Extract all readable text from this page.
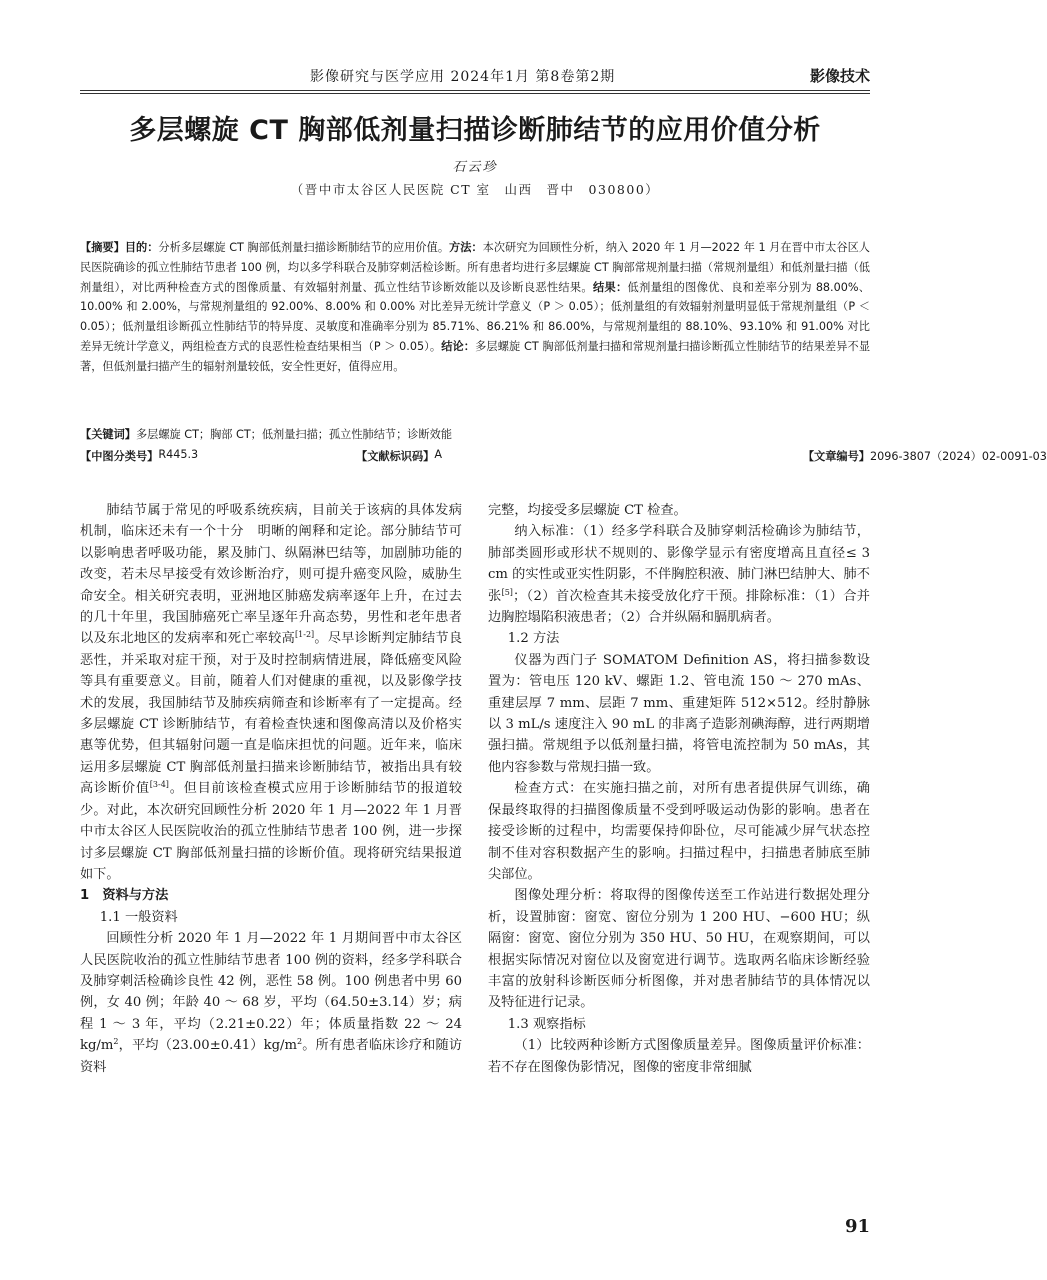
影像研究与医学应用 2024年1月 第8卷第2期	影像技术
多层螺旋 CT 胸部低剂量扫描诊断肺结节的应用价值分析
石云珍
（晋中市太谷区人民医院 CT 室　山西　晋中　030800）
【摘要】目的：分析多层螺旋 CT 胸部低剂量扫描诊断肺结节的应用价值。方法：本次研究为回顾性分析，纳入 2020 年 1 月—2022 年 1 月在晋中市太谷区人民医院确诊的孤立性肺结节患者 100 例，均以多学科联合及肺穿刺活检诊断。所有患者均进行多层螺旋 CT 胸部常规剂量扫描（常规剂量组）和低剂量扫描（低剂量组），对比两种检查方式的图像质量、有效辐射剂量、孤立性结节诊断效能以及诊断良恶性结果。结果：低剂量组的图像优、良和差率分别为 88.00%、10.00% 和 2.00%，与常规剂量组的 92.00%、8.00% 和 0.00% 对比差异无统计学意义（P ＞ 0.05）；低剂量组的有效辐射剂量明显低于常规剂量组（P ＜ 0.05）；低剂量组诊断孤立性肺结节的特异度、灵敏度和准确率分别为 85.71%、86.21% 和 86.00%，与常规剂量组的 88.10%、93.10% 和 91.00% 对比差异无统计学意义，两组检查方式的良恶性检查结果相当（P ＞ 0.05）。结论：多层螺旋 CT 胸部低剂量扫描和常规剂量扫描诊断孤立性肺结节的结果差异不显著，但低剂量扫描产生的辐射剂量较低，安全性更好，值得应用。
【关键词】多层螺旋 CT；胸部 CT；低剂量扫描；孤立性肺结节；诊断效能
【中图分类号】 R445.3	【文献标识码】 A	【文章编号】 2096-3807（2024）02-0091-03

肺结节属于常见的呼吸系统疾病，目前关于该病的具体发病机制，临床还未有一个十分　明晰的阐释和定论。部分肺结节可以影响患者呼吸功能，累及肺门、纵隔淋巴结等，加剧肺功能的改变，若未尽早接受有效诊断治疗，则可提升癌变风险，威胁生命安全。相关研究表明，亚洲地区肺癌发病率逐年上升，在过去的几十年里，我国肺癌死亡率呈逐年升高态势，男性和老年患者以及东北地区的发病率和死亡率较高[1-2]。尽早诊断判定肺结节良恶性，并采取对症干预，对于及时控制病情进展，降低癌变风险等具有重要意义。目前，随着人们对健康的重视，以及影像学技术的发展，我国肺结节及肺疾病筛查和诊断率有了一定提高。经多层螺旋 CT 诊断肺结节，有着检查快速和图像高清以及价格实惠等优势，但其辐射问题一直是临床担忧的问题。近年来，临床运用多层螺旋 CT 胸部低剂量扫描来诊断肺结节，被指出具有较高诊断价值[3-4]。但目前该检查模式应用于诊断肺结节的报道较少。对此，本次研究回顾性分析 2020 年 1 月—2022 年 1 月晋中市太谷区人民医院收治的孤立性肺结节患者 100 例，进一步探讨多层螺旋 CT 胸部低剂量扫描的诊断价值。现将研究结果报道如下。

1　资料与方法

1.1 一般资料

回顾性分析 2020 年 1 月—2022 年 1 月期间晋中市太谷区人民医院收治的孤立性肺结节患者 100 例的资料，经多学科联合及肺穿刺活检确诊良性 42 例，恶性 58 例。100 例患者中男 60 例，女 40 例；年龄 40 ～ 68 岁，平均（64.50±3.14）岁；病程 1 ～ 3 年，平均（2.21±0.22）年；体质量指数 22 ～ 24 $kg/m^2$，平均$(23.00\pm 0.41)kg/m^2$。所有患者临床诊疗和随访资料

完整，均接受多层螺旋 CT 检查。

纳入标准：（1）经多学科联合及肺穿刺活检确诊为肺结节，肺部类圆形或形状不规则的、影像学显示有密度增高且直径≤ 3 cm 的实性或亚实性阴影，不伴胸腔积液、肺门淋巴结肿大、肺不张[5]；（2）首次检查其未接受放化疗干预。排除标准：（1）合并边胸腔塌陷积液患者；（2）合并纵隔和膈肌病者。

1.2 方法

仪器为西门子 SOMATOM Definition AS，将扫描参数设置为：管电压 120 kV、螺距 1.2、管电流 150 ～ 270 mAs、重建层厚 7 mm、层距 7 mm、重建矩阵 512×512。经肘静脉以 3 mL/s 速度注入 90 mL 的非离子造影剂碘海醇，进行两期增强扫描。常规组予以低剂量扫描，将管电流控制为 50 mAs，其他内容参数与常规扫描一致。

检查方式：在实施扫描之前，对所有患者提供屏气训练，确保最终取得的扫描图像质量不受到呼吸运动伪影的影响。患者在接受诊断的过程中，均需要保持仰卧位，尽可能减少屏气状态控制不佳对容积数据产生的影响。扫描过程中，扫描患者肺底至肺尖部位。

图像处理分析：将取得的图像传送至工作站进行数据处理分析，设置肺窗：窗宽、窗位分别为 1 200 HU、−600 HU；纵隔窗：窗宽、窗位分别为 350 HU、50 HU，在观察期间，可以根据实际情况对窗位以及窗宽进行调节。选取两名临床诊断经验丰富的放射科诊断医师分析图像，并对患者肺结节的具体情况以及特征进行记录。

1.3 观察指标

（1）比较两种诊断方式图像质量差异。图像质量评价标准：若不存在图像伪影情况，图像的密度非常细腻

91
